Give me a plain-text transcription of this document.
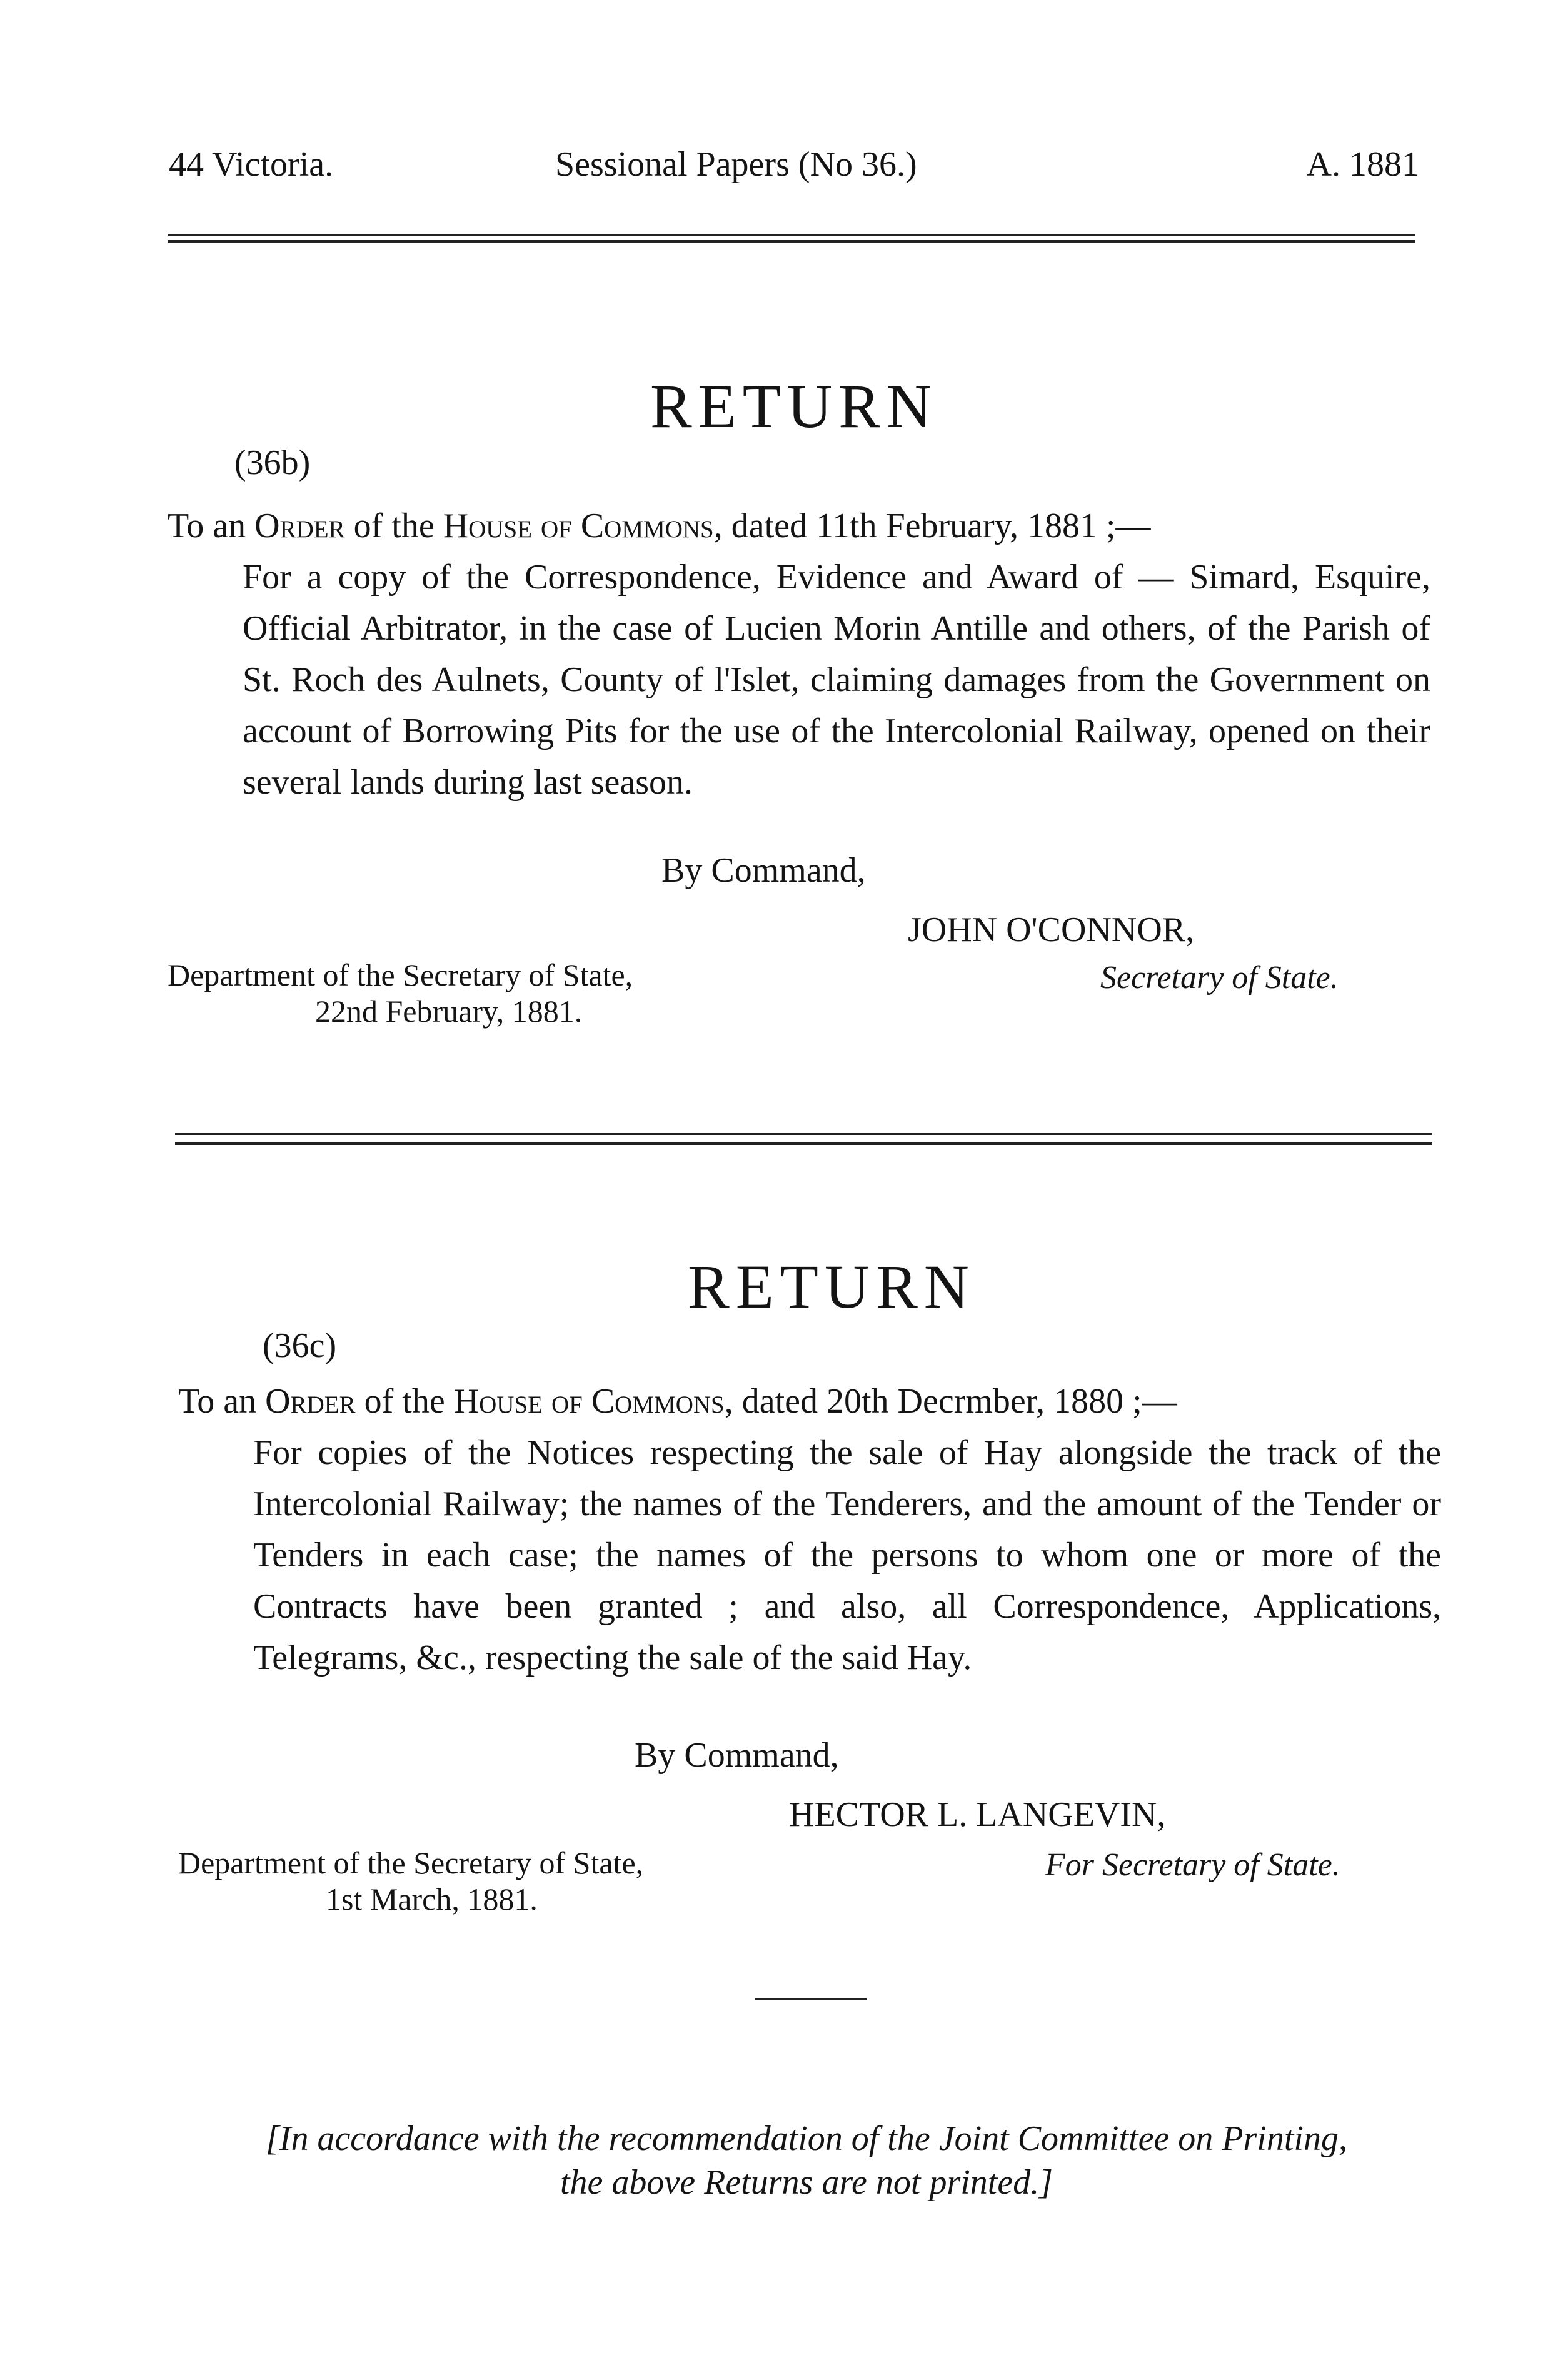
44 Victoria.	Sessional Papers (No 36.)	A. 1881
RETURN
(36b)
To an Order of the House of Commons, dated 11th February, 1881 ;—
For a copy of the Correspondence, Evidence and Award of — Simard, Esquire, Official Arbitrator, in the case of Lucien Morin Antille and others, of the Parish of St. Roch des Aulnets, County of l'Islet, claiming damages from the Government on account of Borrowing Pits for the use of the Intercolonial Railway, opened on their several lands during last season.
By Command,
JOHN O'CONNOR,
Department of the Secretary of State,
22nd February, 1881.
Secretary of State.
RETURN
(36c)
To an Order of the House of Commons, dated 20th Decrmber, 1880 ;—
For copies of the Notices respecting the sale of Hay alongside the track of the Intercolonial Railway; the names of the Tenderers, and the amount of the Tender or Tenders in each case; the names of the persons to whom one or more of the Contracts have been granted ; and also, all Correspondence, Applications, Telegrams, &c., respecting the sale of the said Hay.
By Command,
HECTOR L. LANGEVIN,
Department of the Secretary of State,
1st March, 1881.
For Secretary of State.
[In accordance with the recommendation of the Joint Committee on Printing,
the above Returns are not printed.]
